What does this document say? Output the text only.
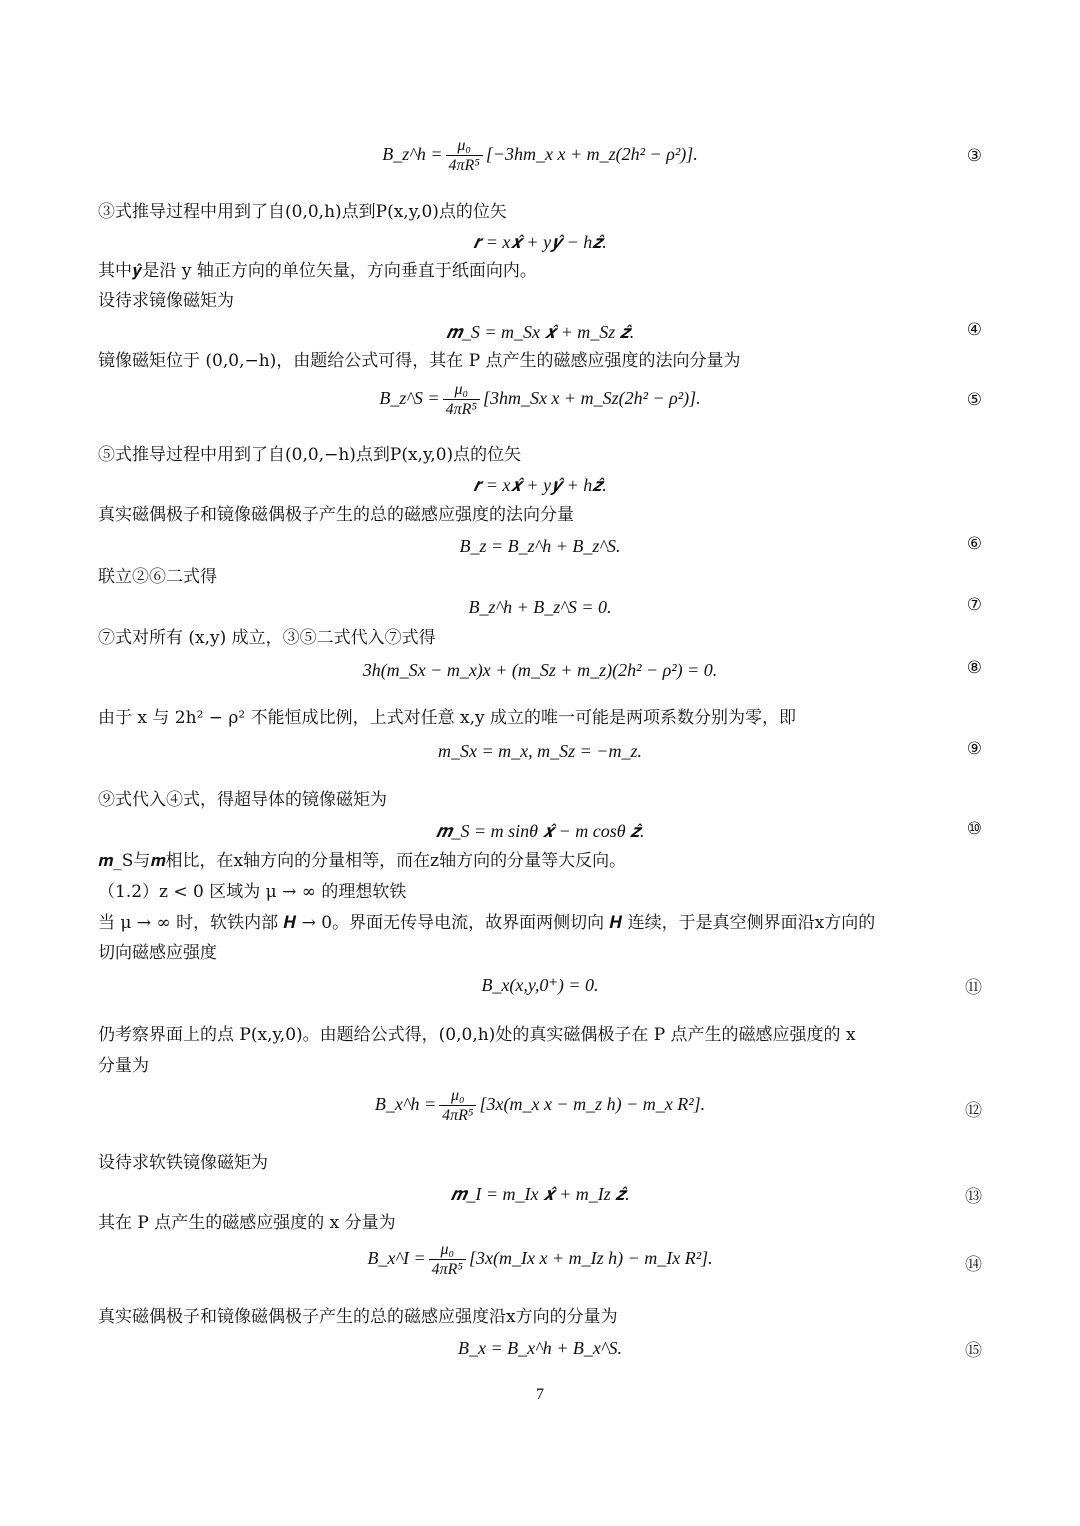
B_z^h = $\frac{\text{μ₀}}{\text{4πR⁵}}$ [−3hm_x x + m_z(2h² − ρ²)].	③
③式推导过程中用到了自(0,0,h)点到P(x,y,0)点的位矢
𝒓 = x𝒙̂ + y𝒚̂ − h𝒛̂.
其中𝒚̂是沿 y 轴正方向的单位矢量，方向垂直于纸面向内。
设待求镜像磁矩为
𝒎_S = m_Sx 𝒙̂ + m_Sz 𝒛̂.	④
镜像磁矩位于 (0,0,−h)，由题给公式可得，其在 P 点产生的磁感应强度的法向分量为
B_z^S = $\frac{\text{μ₀}}{\text{4πR⁵}}$ [3hm_Sx x + m_Sz(2h² − ρ²)].	⑤
⑤式推导过程中用到了自(0,0,−h)点到P(x,y,0)点的位矢
𝒓 = x𝒙̂ + y𝒚̂ + h𝒛̂.
真实磁偶极子和镜像磁偶极子产生的总的磁感应强度的法向分量
B_z = B_z^h + B_z^S.	⑥
联立②⑥二式得
B_z^h + B_z^S = 0.	⑦
⑦式对所有 (x,y) 成立，③⑤二式代入⑦式得
3h(m_Sx − m_x)x + (m_Sz + m_z)(2h² − ρ²) = 0.	⑧
由于 x 与 2h² − ρ² 不能恒成比例，上式对任意 x,y 成立的唯一可能是两项系数分别为零，即
m_Sx = m_x, m_Sz = −m_z.	⑨
⑨式代入④式，得超导体的镜像磁矩为
𝒎_S = m sinθ 𝒙̂ − m cosθ 𝒛̂.	⑩
𝒎_S与𝒎相比，在x轴方向的分量相等，而在z轴方向的分量等大反向。
（1.2）z < 0 区域为 μ → ∞ 的理想软铁
当 μ → ∞ 时，软铁内部 𝑯 → 0。界面无传导电流，故界面两侧切向 𝑯 连续，于是真空侧界面沿x方向的
切向磁感应强度
B_x(x,y,0⁺) = 0.	⑪
仍考察界面上的点 P(x,y,0)。由题给公式得，(0,0,h)处的真实磁偶极子在 P 点产生的磁感应强度的 x
分量为
B_x^h = $\frac{\text{μ₀}}{\text{4πR⁵}}$ [3x(m_x x − m_z h) − m_x R²].	⑫
设待求软铁镜像磁矩为
𝒎_I = m_Ix 𝒙̂ + m_Iz 𝒛̂.	⑬
其在 P 点产生的磁感应强度的 x 分量为
B_x^I = $\frac{\text{μ₀}}{\text{4πR⁵}}$ [3x(m_Ix x + m_Iz h) − m_Ix R²].	⑭
真实磁偶极子和镜像磁偶极子产生的总的磁感应强度沿x方向的分量为
B_x = B_x^h + B_x^S.	⑮
7
